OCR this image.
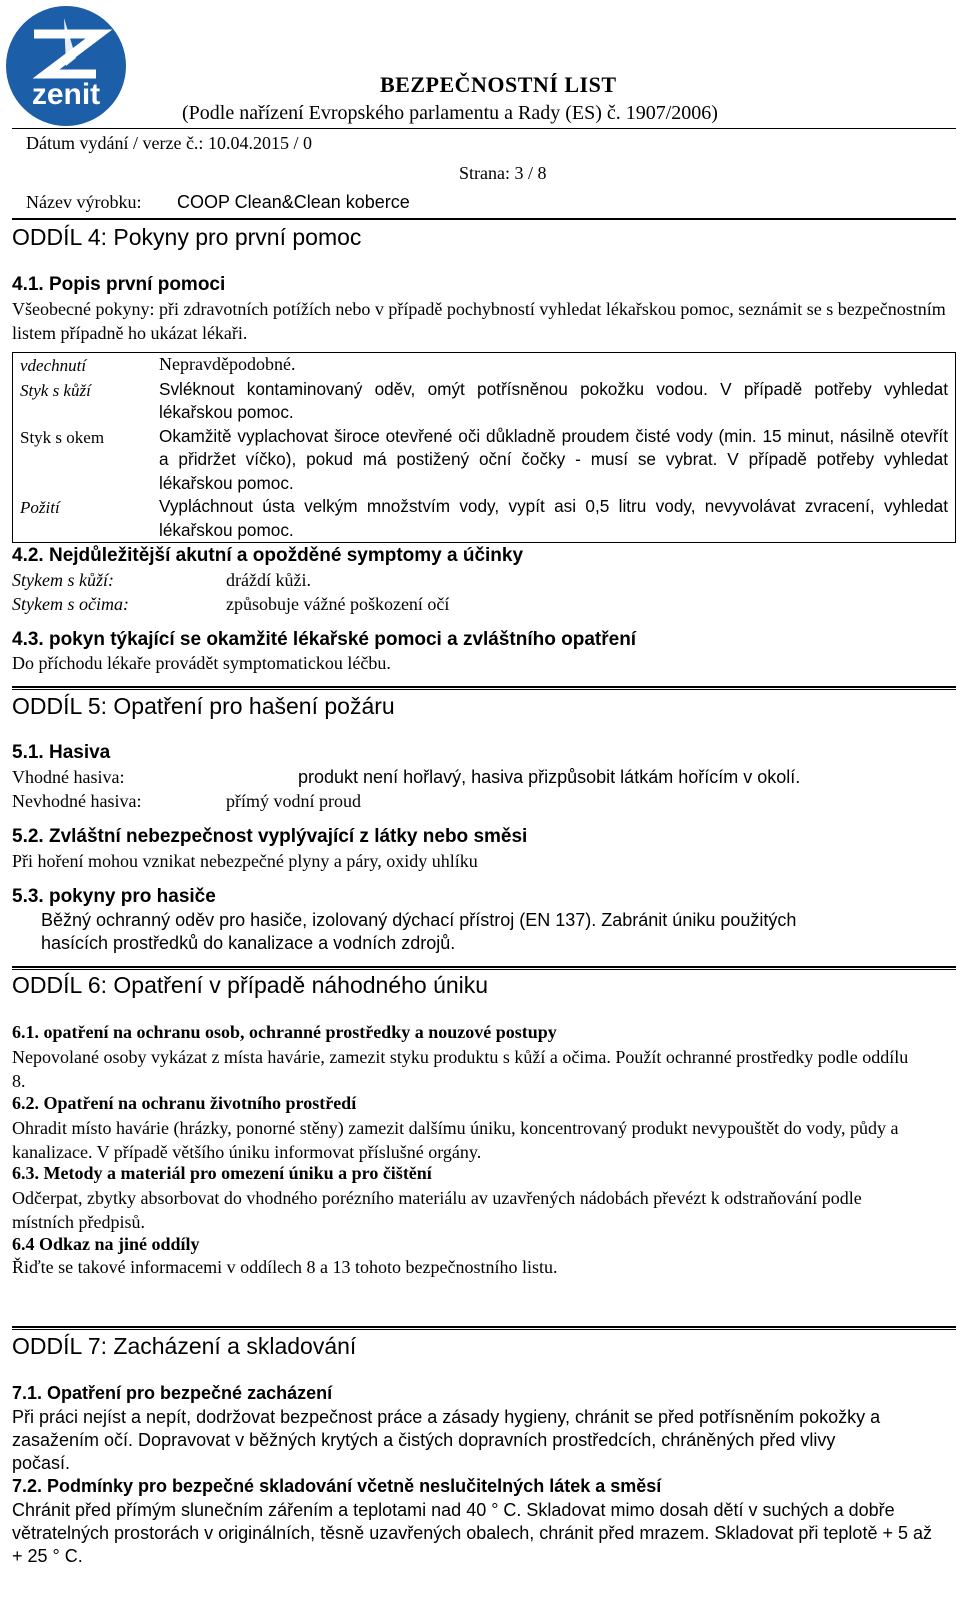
zenit	BEZPEČNOSTNÍ LIST
(Podle nařízení Evropského parlamentu a Rady (ES) č. 1907/2006)
Dátum vydání / verze č.: 10.04.2015 / 0
Strana: 3 / 8
Název výrobku: COOP Clean&Clean koberce
ODDÍL 4: Pokyny pro první pomoc
4.1. Popis první pomoci
Všeobecné pokyny: při zdravotních potížích nebo v případě pochybností vyhledat lékařskou pomoc, seznámit se s bezpečnostním listem případně ho ukázat lékaři.
vdechnutí	Nepravděpodobné.
Styk s kůží	Svléknout kontaminovaný oděv, omýt potřísněnou pokožku vodou. V případě potřeby vyhledat lékařskou pomoc.
Styk s okem	Okamžitě vyplachovat široce otevřené oči důkladně proudem čisté vody (min. 15 minut, násilně otevřít a přidržet víčko), pokud má postižený oční čočky - musí se vybrat. V případě potřeby vyhledat lékařskou pomoc.
Požití	Vypláchnout ústa velkým množstvím vody, vypít asi 0,5 litru vody, nevyvolávat zvracení, vyhledat lékařskou pomoc.
4.2. Nejdůležitější akutní a opožděné symptomy a účinky
Stykem s kůží:	dráždí kůži.
Stykem s očima:	způsobuje vážné poškození očí
4.3. pokyn týkající se okamžité lékařské pomoci a zvláštního opatření
Do příchodu lékaře provádět symptomatickou léčbu.
ODDÍL 5: Opatření pro hašení požáru
5.1. Hasiva
Vhodné hasiva:	produkt není hořlavý, hasiva přizpůsobit látkám hořícím v okolí.
Nevhodné hasiva:	přímý vodní proud
5.2. Zvláštní nebezpečnost vyplývající z látky nebo směsi
Při hoření mohou vznikat nebezpečné plyny a páry, oxidy uhlíku
5.3. pokyny pro hasiče
Běžný ochranný oděv pro hasiče, izolovaný dýchací přístroj (EN 137). Zabránit úniku použitých
hasících prostředků do kanalizace a vodních zdrojů.
ODDÍL 6: Opatření v případě náhodného úniku
6.1. opatření na ochranu osob, ochranné prostředky a nouzové postupy
Nepovolané osoby vykázat z místa havárie, zamezit styku produktu s kůží a očima. Použít ochranné prostředky podle oddílu 8.
6.2. Opatření na ochranu životního prostředí
Ohradit místo havárie (hrázky, ponorné stěny) zamezit dalšímu úniku, koncentrovaný produkt nevypouštět do vody, půdy a kanalizace. V případě většího úniku informovat příslušné orgány.
6.3. Metody a materiál pro omezení úniku a pro čištění
Odčerpat, zbytky absorbovat do vhodného porézního materiálu av uzavřených nádobách převézt k odstraňování podle místních předpisů.
6.4 Odkaz na jiné oddíly
Řiďte se takové informacemi v oddílech 8 a 13 tohoto bezpečnostního listu.
ODDÍL 7: Zacházení a skladování
7.1. Opatření pro bezpečné zacházení
Při práci nejíst a nepít, dodržovat bezpečnost práce a zásady hygieny, chránit se před potřísněním pokožky a zasažením očí. Dopravovat v běžných krytých a čistých dopravních prostředcích, chráněných před vlivy počasí.
7.2. Podmínky pro bezpečné skladování včetně neslučitelných látek a směsí
Chránit před přímým slunečním zářením a teplotami nad 40 ° C. Skladovat mimo dosah dětí v suchých a dobře větratelných prostorách v originálních, těsně uzavřených obalech, chránit před mrazem. Skladovat při teplotě + 5 až + 25 ° C.
